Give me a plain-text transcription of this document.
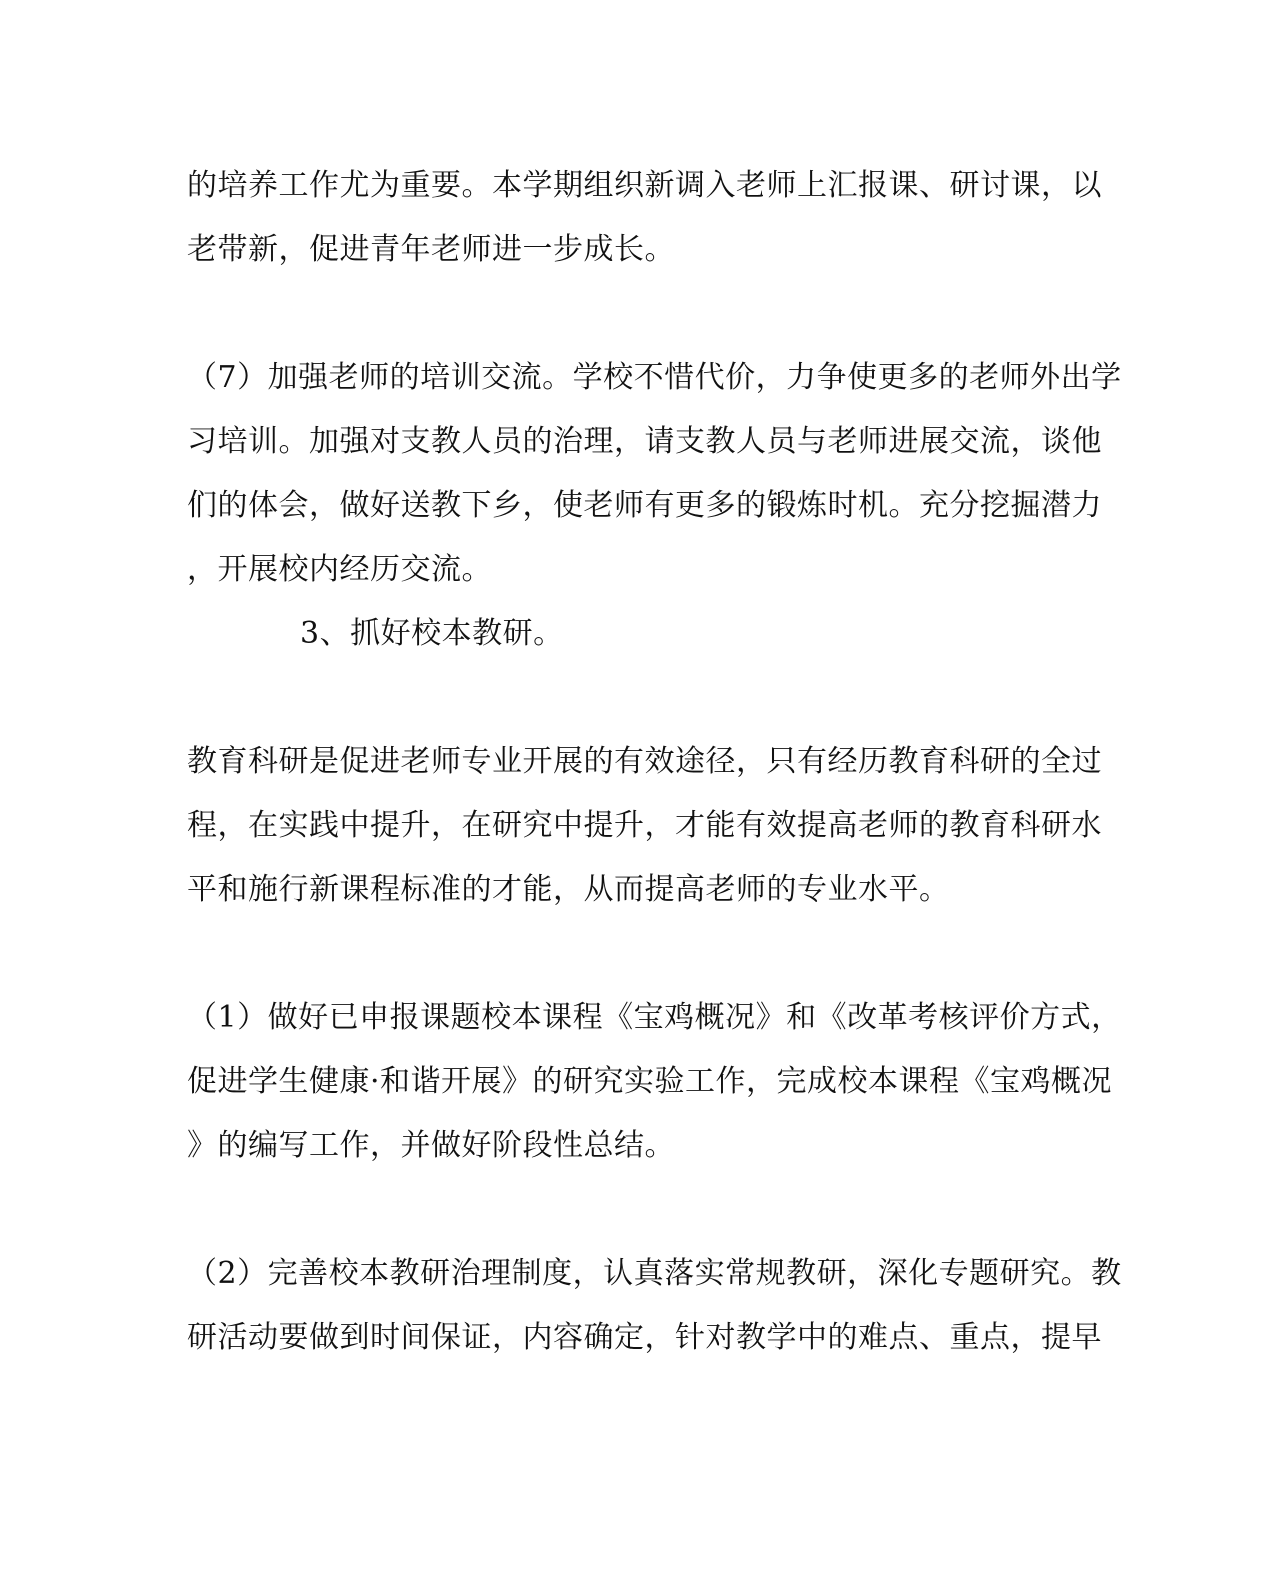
的培养工作尤为重要。本学期组织新调入老师上汇报课、研讨课，以
老带新，促进青年老师进一步成长。
（7）加强老师的培训交流。学校不惜代价，力争使更多的老师外出学
习培训。加强对支教人员的治理，请支教人员与老师进展交流，谈他
们的体会，做好送教下乡，使老师有更多的锻炼时机。充分挖掘潜力
，开展校内经历交流。
3、抓好校本教研。
教育科研是促进老师专业开展的有效途径，只有经历教育科研的全过
程，在实践中提升，在研究中提升，才能有效提高老师的教育科研水
平和施行新课程标准的才能，从而提高老师的专业水平。
（1）做好已申报课题校本课程《宝鸡概况》和《改革考核评价方式，
促进学生健康·和谐开展》的研究实验工作，完成校本课程《宝鸡概况
》的编写工作，并做好阶段性总结。
（2）完善校本教研治理制度，认真落实常规教研，深化专题研究。教
研活动要做到时间保证，内容确定，针对教学中的难点、重点，提早
